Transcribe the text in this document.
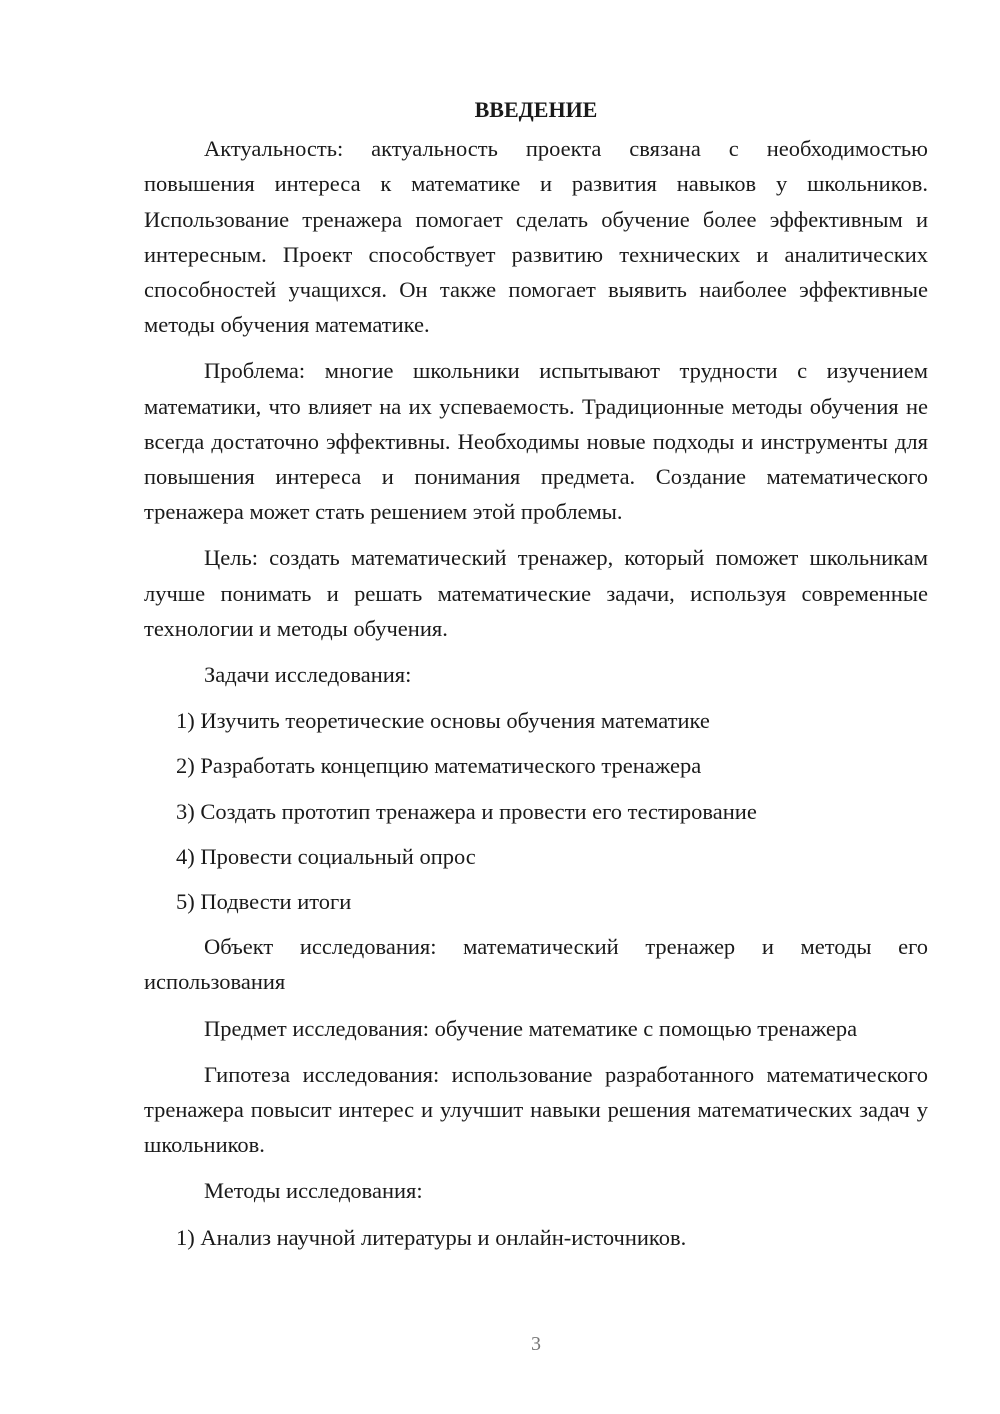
ВВЕДЕНИЕ
Актуальность: актуальность проекта связана с необходимостью повышения интереса к математике и развития навыков у школьников. Использование тренажера помогает сделать обучение более эффективным и интересным. Проект способствует развитию технических и аналитических способностей учащихся. Он также помогает выявить наиболее эффективные методы обучения математике.
Проблема: многие школьники испытывают трудности с изучением математики, что влияет на их успеваемость. Традиционные методы обучения не всегда достаточно эффективны. Необходимы новые подходы и инструменты для повышения интереса и понимания предмета. Создание математического тренажера может стать решением этой проблемы.
Цель: создать математический тренажер, который поможет школьникам лучше понимать и решать математические задачи, используя современные технологии и методы обучения.
Задачи исследования:
1) Изучить теоретические основы обучения математике
2) Разработать концепцию математического тренажера
3) Создать прототип тренажера и провести его тестирование
4) Провести социальный опрос
5) Подвести итоги
Объект исследования: математический тренажер и методы его использования
Предмет исследования: обучение математике с помощью тренажера
Гипотеза исследования: использование разработанного математического тренажера повысит интерес и улучшит навыки решения математических задач у школьников.
Методы исследования:
1) Анализ научной литературы и онлайн-источников.
3
